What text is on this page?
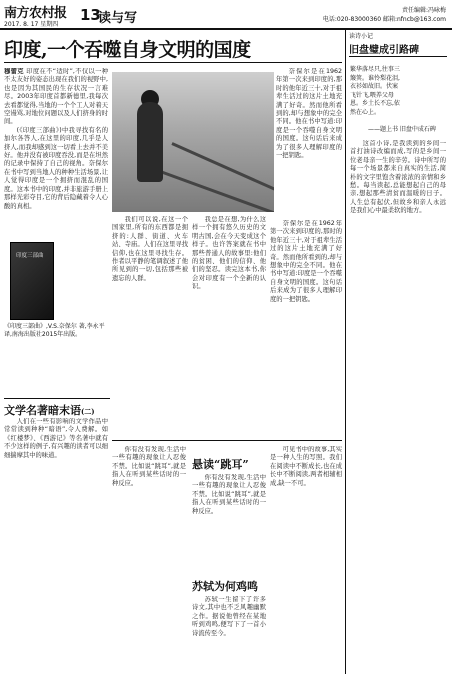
南方农村报
2017. 8. 17 星期四
13
读与写
责任编辑:冯咏梅
电话:020-83000360 邮箱:nfncb@163.com
印度,一个吞噬自身文明的国度
穆蕾克 印度在不“适时”,不仅以一种不太友好的姿态出现在我们的视野中,也是因为其国民的生存状况一言难尽。2003年印度首都新德里,我每次去看都觉得,当地的一个个工人对着天空谩骂,对地位问题以及人们挤身的时间。

(《印度三部曲》)中我寻找有名的加尔各答人,在这里的印度,几乎是人挤人,而我却感到这一切看上去并不美好。他并没有被印度吞没,而是在坦然的记录中保持了自己的视角。奈保尔在书中写到当地人的种种生活场景,让人觉得印度是一个拥挤而混乱的国度。这本书中的印度,并非旅游手册上那样光彩夺目,它的背后隐藏着令人心酸的真相。

奈保尔是在1962年第一次来到印度的,那时的他年近三十,对于祖辈生活过的这片土地充满了好奇。然而他所看到的,却与想象中的完全不同。他在书中写道:印度是一个吞噬自身文明的国度。这句话后来成为了很多人理解印度的一把钥匙。

印度三部曲
《印度三部曲》,V.S.奈保尔 著,李永平 译,南海出版社2015年出版。

我们可以说,在这一个国家里,所有的东西都是拥挤的:人群、街道、火车站、寺庙。人们在这里寻找信仰,也在这里寻找生存。作者以平静的笔调叙述了他所见到的一切,包括那些被遗忘的人群。

我总是在想,为什么这样一个拥有悠久历史的文明古国,会在今天变成这个样子。也许答案就在书中那些普通人的故事里:他们的贫困、他们的信仰、他们的坚忍。读完这本书,你会对印度有一个全新的认识。

奈保尔是在1962年第一次来到印度的,那时的他年近三十,对于祖辈生活过的这片土地充满了好奇。然而他所看到的,却与想象中的完全不同。他在书中写道:印度是一个吞噬自身文明的国度。这句话后来成为了很多人理解印度的一把钥匙。

文学名著暗末语(二)

人们在一些有影响的文学作品中常常读到种种“暗语”,令人费解。如《红楼梦》、《西游记》等名著中就有不少这样的例子,有兴趣的读者可以细细揣摩其中的味道。

你有没有发现,生活中一些有趣的现象让人忍俊不禁。比如说“跳耳”,就是指人在听到某些话时的一种反应。

悬读“跳耳”

你有没有发现,生活中一些有趣的现象让人忍俊不禁。比如说“跳耳”,就是指人在听到某些话时的一种反应。

苏轼为何鸡鸣

苏轼一生留下了许多诗文,其中也不乏风趣幽默之作。据说他曾经在某地听到鸡鸣,便写下了一首小诗流传至今。

可见书中的故事,其实是一种人生的写照。我们在阅读中不断成长,也在成长中不断阅读,两者相辅相成,缺一不可。

读诗小记
旧盘璧成引路碑
繁华落尽只,往事三簸箕。谁怜梨花泪,衣衫如故旧。伏案飞针飞,喂养父母恩。乡土长不忘,依然在心上。
——题上书 旧盘中成石碑

这首小诗,是我读到的乡间一首打油诗改编而成,写的是乡间一位老母亲一生的辛劳。诗中所写的每一个场景都来自真实的生活,简朴的文字里饱含着浓浓的亲情和乡愁。每当读起,总能想起自己的母亲,想起那些清贫而温暖的日子。人生总有起伏,但故乡和亲人永远是我们心中最柔软的地方。
